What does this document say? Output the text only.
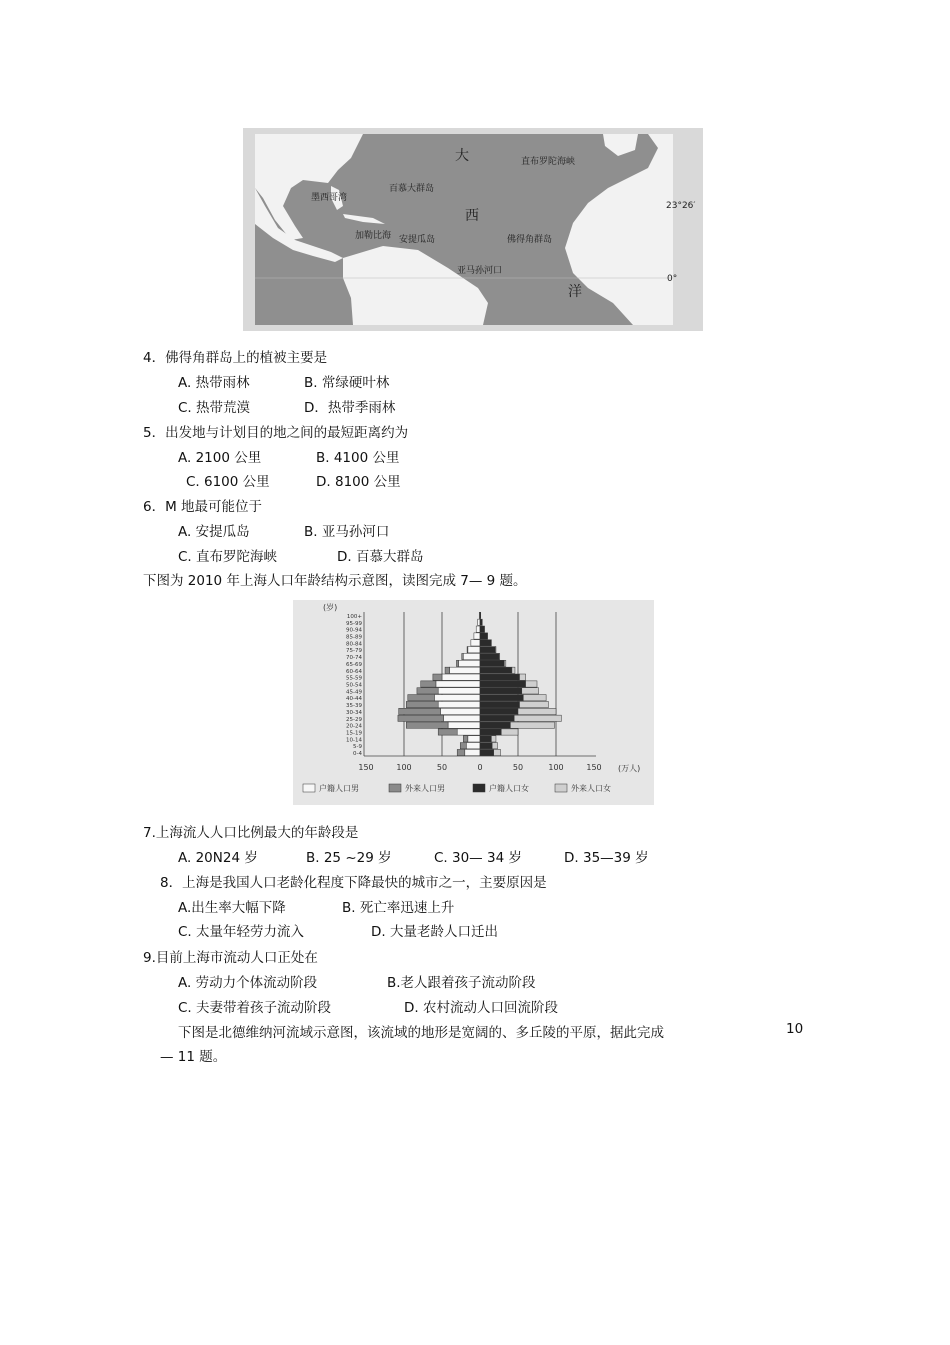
大
西
洋
直布罗陀海峡
百慕大群岛
墨西哥湾
加勒比海 安提瓜岛	佛得角群岛
亚马孙河口
23°26′
0°
4．佛得角群岛上的植被主要是
A. 热带雨林	B. 常绿硬叶林
C. 热带荒漠	D．热带季雨林
5．出发地与计划目的地之间的最短距离约为
A. 2100 公里	B. 4100 公里
C. 6100 公里	D. 8100 公里
6．M 地最可能位于
A. 安提瓜岛	B. 亚马孙河口
C. 直布罗陀海峡	D. 百慕大群岛
下图为 2010 年上海人口年龄结构示意图，读图完成 7— 9 题。
0-4
5-9
10-14
15-19
20-24
25-29
30-34
35-39
40-44
45-49
50-54
55-59
60-64
65-69
70-74
75-79
80-84
85-89
90-94
95-99
100+
150	100	50	0	50	100	150
(岁)
(万人)
户籍人口男	外来人口男	户籍人口女	外来人口女
7.上海流人人口比例最大的年龄段是
A. 20N24 岁	B. 25 ~29 岁	C. 30— 34 岁	D. 35—39 岁
8．上海是我国人口老龄化程度下降最快的城市之一，主要原因是
A.出生率大幅下降	B. 死亡率迅速上升
C. 太量年轻劳力流入	D. 大量老龄人口迁出
9.目前上海市流动人口正处在
A. 劳动力个体流动阶段	B.老人跟着孩子流动阶段
C. 夫妻带着孩子流动阶段	D. 农村流动人口回流阶段
下图是北德维纳河流域示意图，该流域的地形是宽阔的、多丘陵的平原，据此完成	10
— 11 题。
